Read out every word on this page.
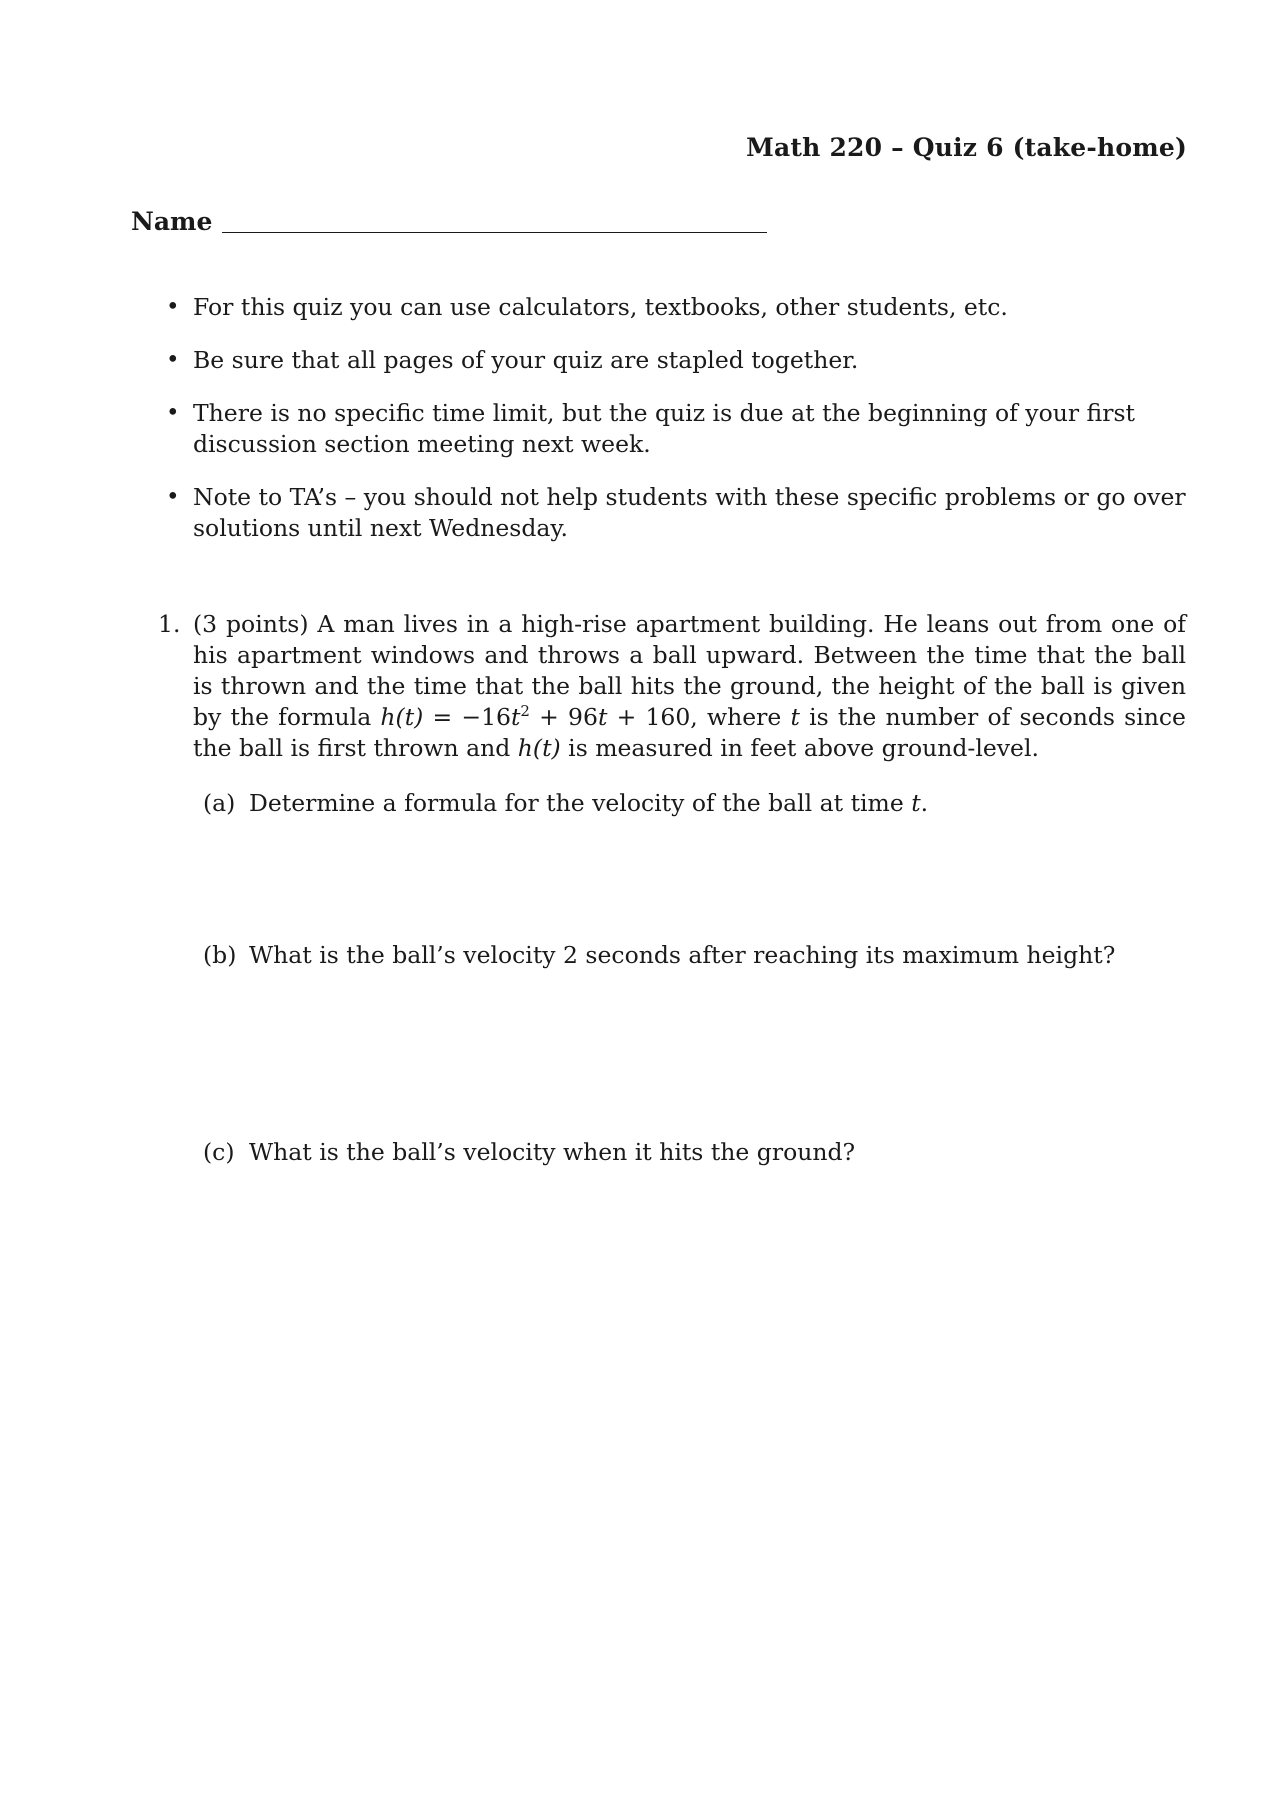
Math 220 – Quiz 6 (take-home)
Name
• For this quiz you can use calculators, textbooks, other students, etc.
• Be sure that all pages of your quiz are stapled together.
• There is no specific time limit, but the quiz is due at the beginning of your first discussion section meeting next week.
• Note to TA’s – you should not help students with these specific problems or go over solutions until next Wednesday.
1. (3 points) A man lives in a high-rise apartment building. He leans out from one of his apartment windows and throws a ball upward. Between the time that the ball is thrown and the time that the ball hits the ground, the height of the ball is given by the formula $h(t) = -16t^2 + 96t + 160$, where t is the number of seconds since the ball is first thrown and h(t) is measured in feet above ground-level.
(a) Determine a formula for the velocity of the ball at time t.
(b) What is the ball’s velocity 2 seconds after reaching its maximum height?
(c) What is the ball’s velocity when it hits the ground?
